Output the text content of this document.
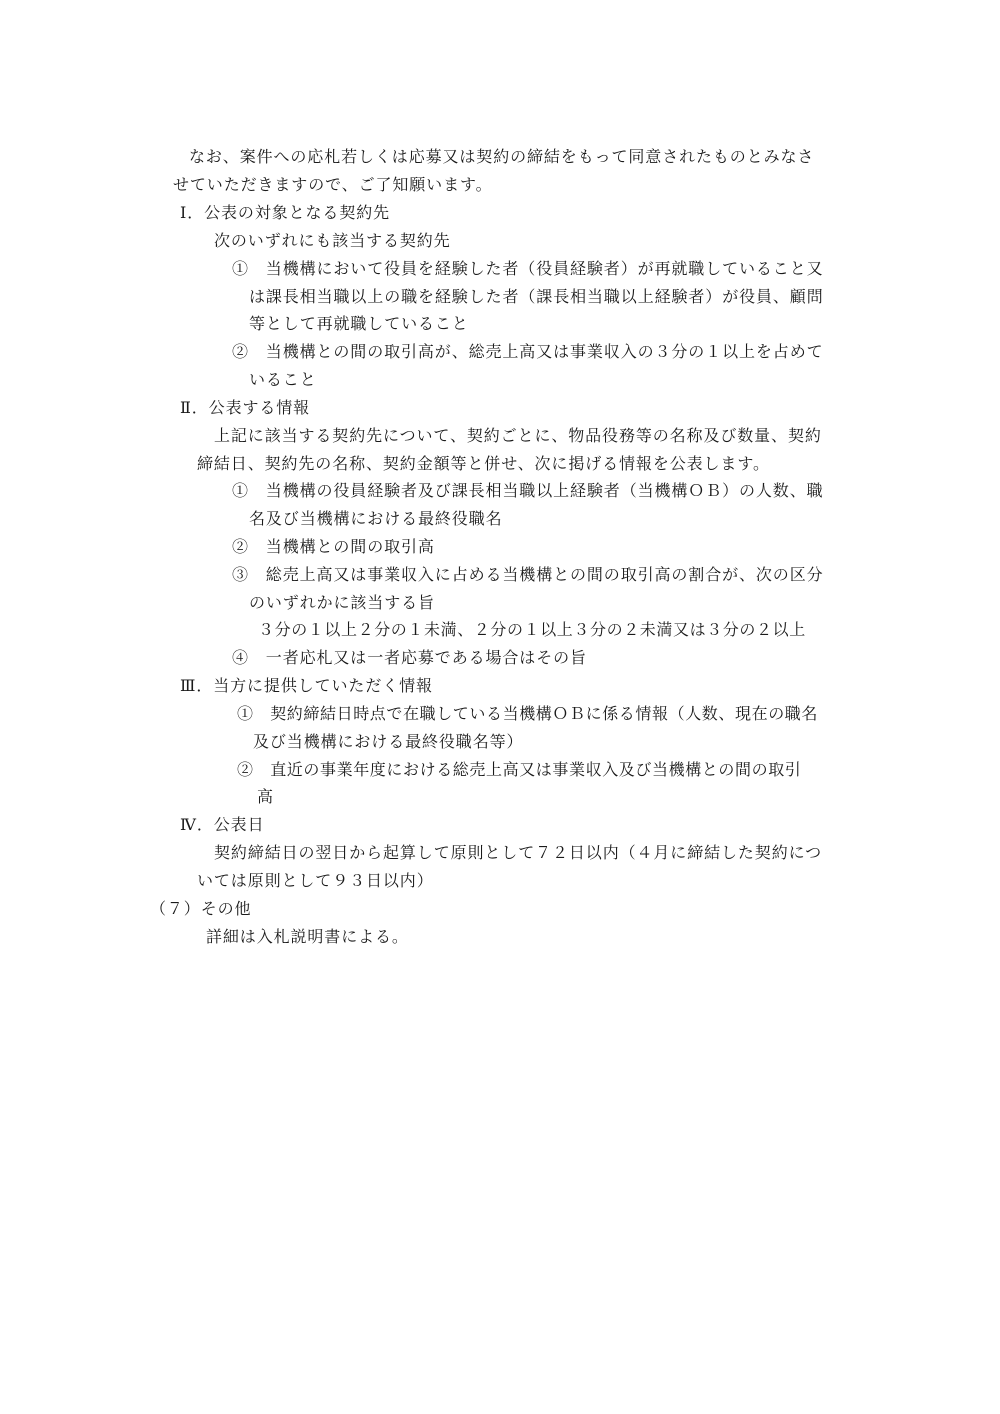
なお、案件への応札若しくは応募又は契約の締結をもって同意されたものとみなさ
せていただきますので、ご了知願います。
Ⅰ．公表の対象となる契約先
次のいずれにも該当する契約先
①　当機構において役員を経験した者（役員経験者）が再就職していること又
は課長相当職以上の職を経験した者（課長相当職以上経験者）が役員、顧問
等として再就職していること
②　当機構との間の取引高が、総売上高又は事業収入の３分の１以上を占めて
いること
Ⅱ．公表する情報
上記に該当する契約先について、契約ごとに、物品役務等の名称及び数量、契約
締結日、契約先の名称、契約金額等と併せ、次に掲げる情報を公表します。
①　当機構の役員経験者及び課長相当職以上経験者（当機構ＯＢ）の人数、職
名及び当機構における最終役職名
②　当機構との間の取引高
③　総売上高又は事業収入に占める当機構との間の取引高の割合が、次の区分
のいずれかに該当する旨
３分の１以上２分の１未満、２分の１以上３分の２未満又は３分の２以上
④　一者応札又は一者応募である場合はその旨
Ⅲ．当方に提供していただく情報
①　契約締結日時点で在職している当機構ＯＢに係る情報（人数、現在の職名
及び当機構における最終役職名等）
②　直近の事業年度における総売上高又は事業収入及び当機構との間の取引
高
Ⅳ．公表日
契約締結日の翌日から起算して原則として７２日以内（４月に締結した契約につ
いては原則として９３日以内）
（７）その他
詳細は入札説明書による。
